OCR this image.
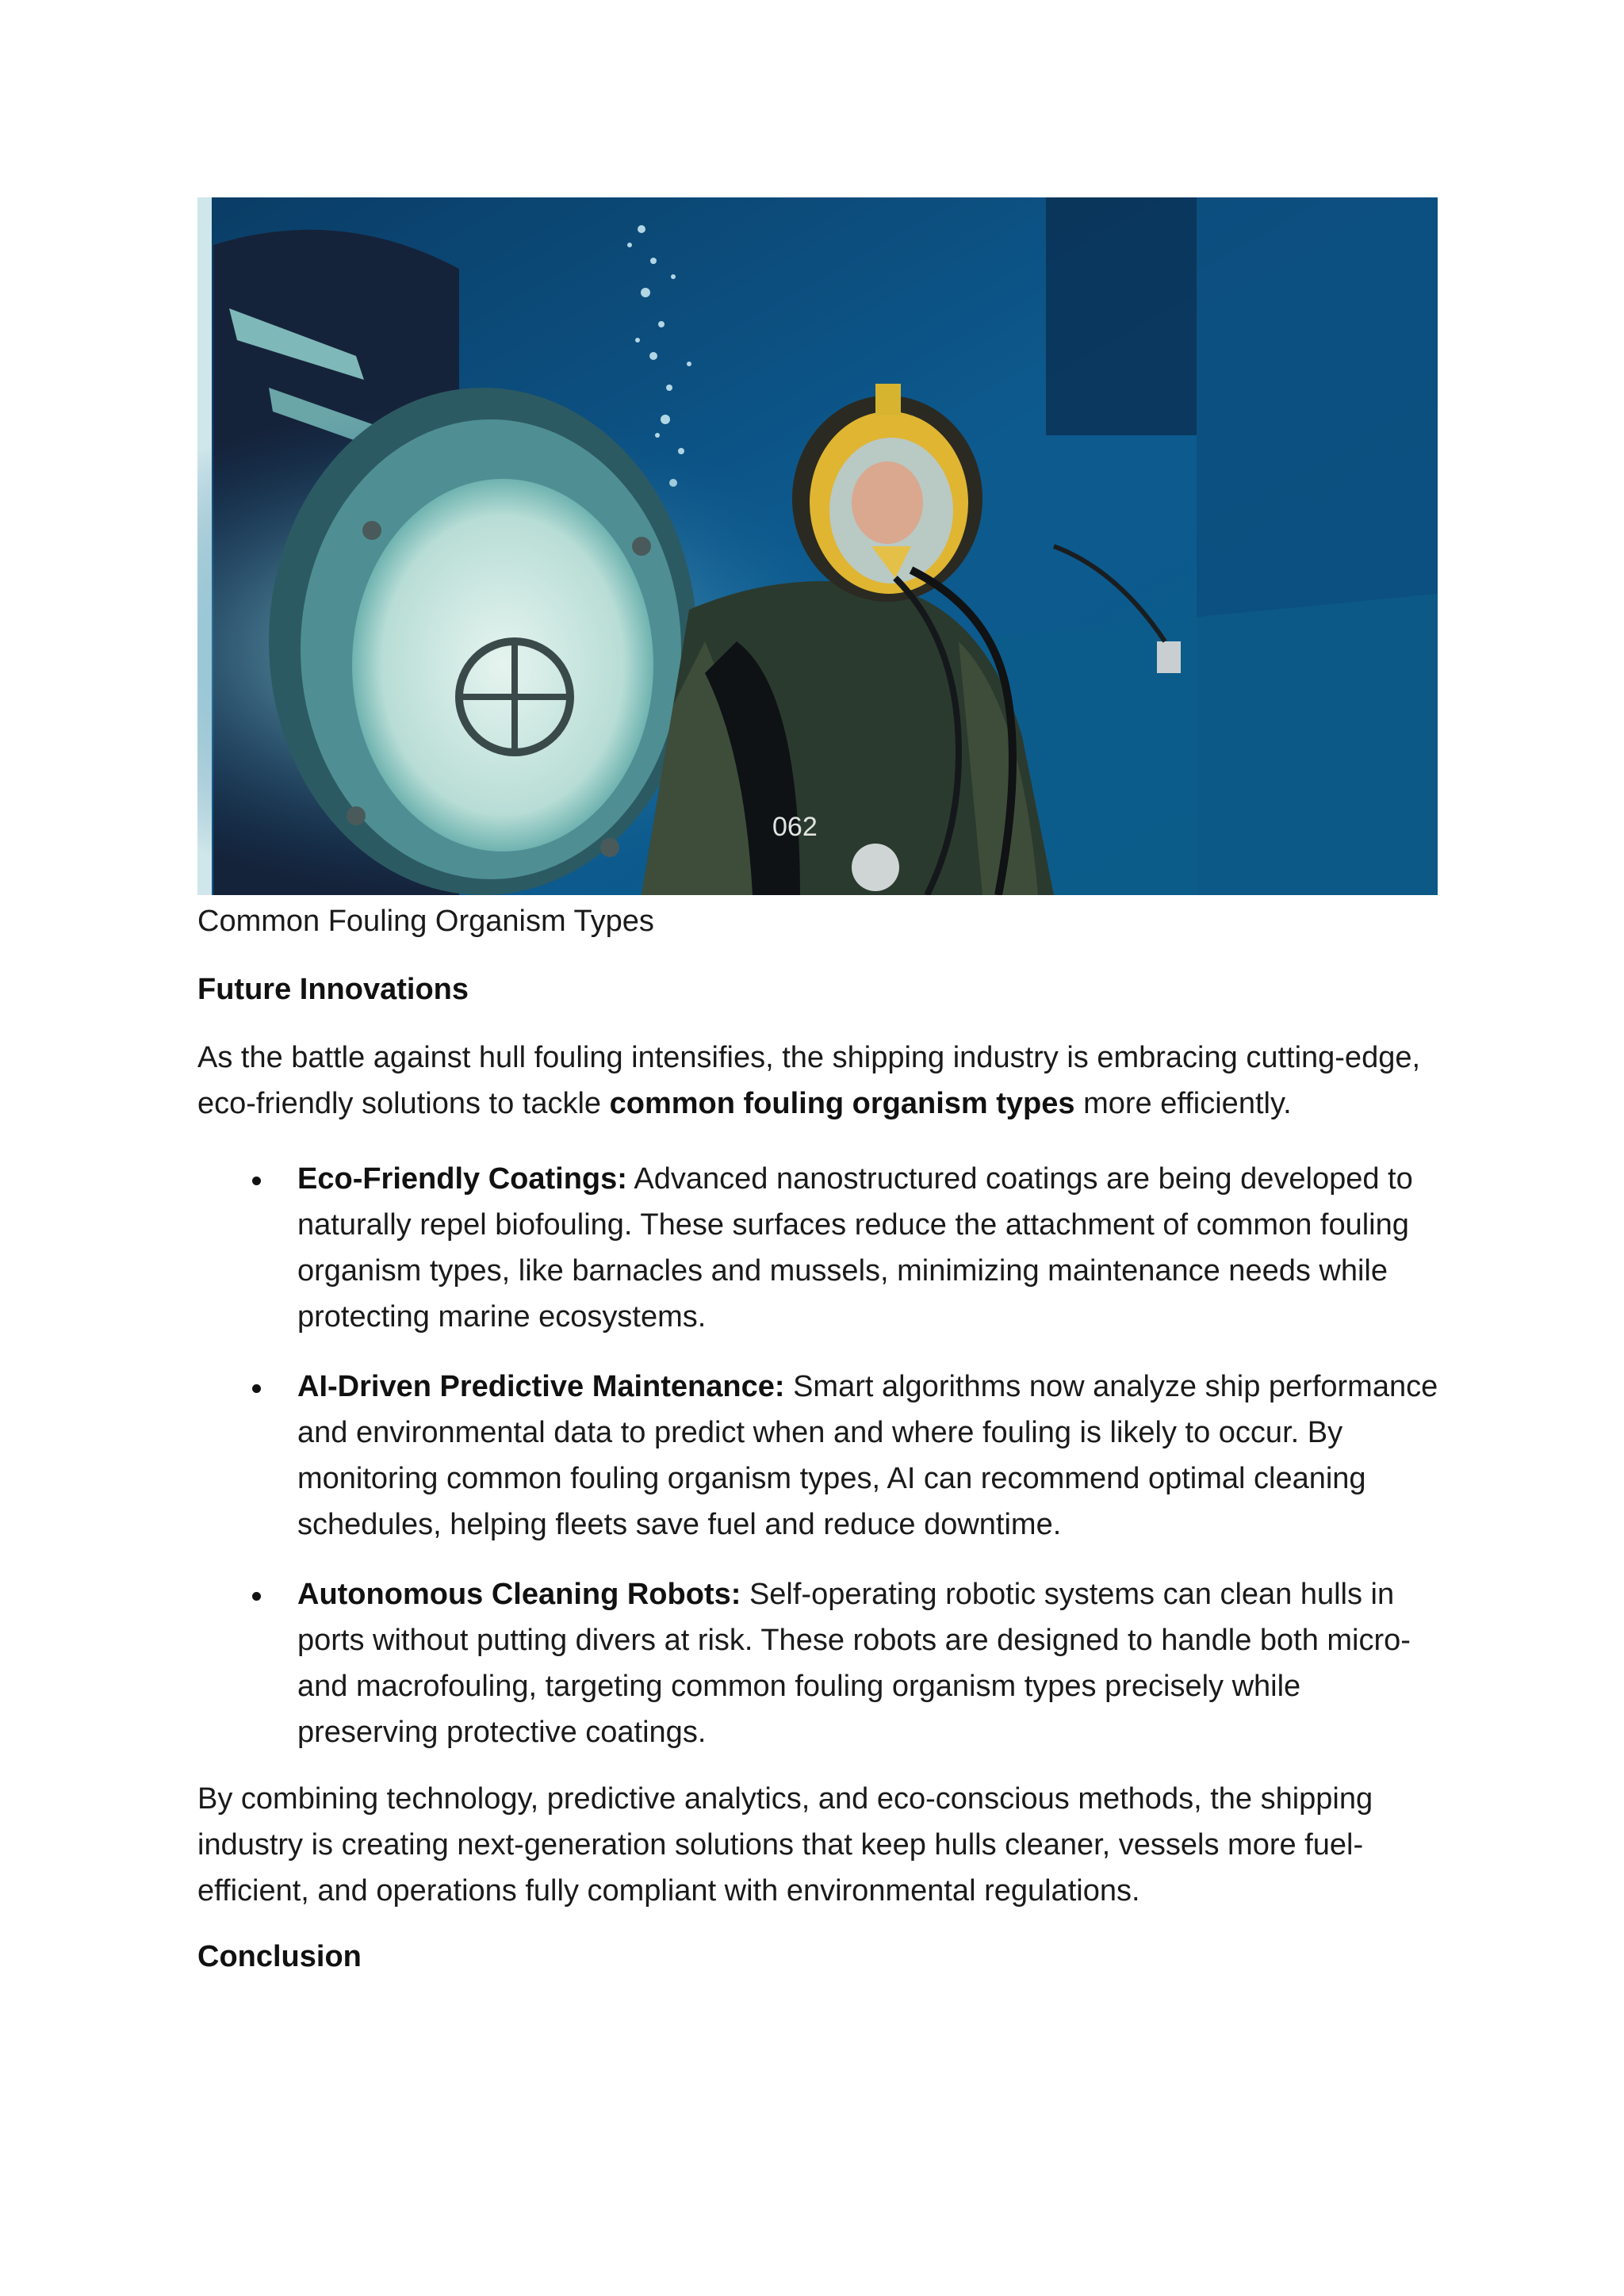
062
Common Fouling Organism Types
Future Innovations
As the battle against hull fouling intensifies, the shipping industry is embracing cutting-edge, eco-friendly solutions to tackle common fouling organism types more efficiently.
Eco-Friendly Coatings: Advanced nanostructured coatings are being developed to naturally repel biofouling. These surfaces reduce the attachment of common fouling organism types, like barnacles and mussels, minimizing maintenance needs while protecting marine ecosystems.
AI-Driven Predictive Maintenance: Smart algorithms now analyze ship performance and environmental data to predict when and where fouling is likely to occur. By monitoring common fouling organism types, AI can recommend optimal cleaning schedules, helping fleets save fuel and reduce downtime.
Autonomous Cleaning Robots: Self-operating robotic systems can clean hulls in ports without putting divers at risk. These robots are designed to handle both micro- and macrofouling, targeting common fouling organism types precisely while preserving protective coatings.
By combining technology, predictive analytics, and eco-conscious methods, the shipping industry is creating next-generation solutions that keep hulls cleaner, vessels more fuel-efficient, and operations fully compliant with environmental regulations.
Conclusion
